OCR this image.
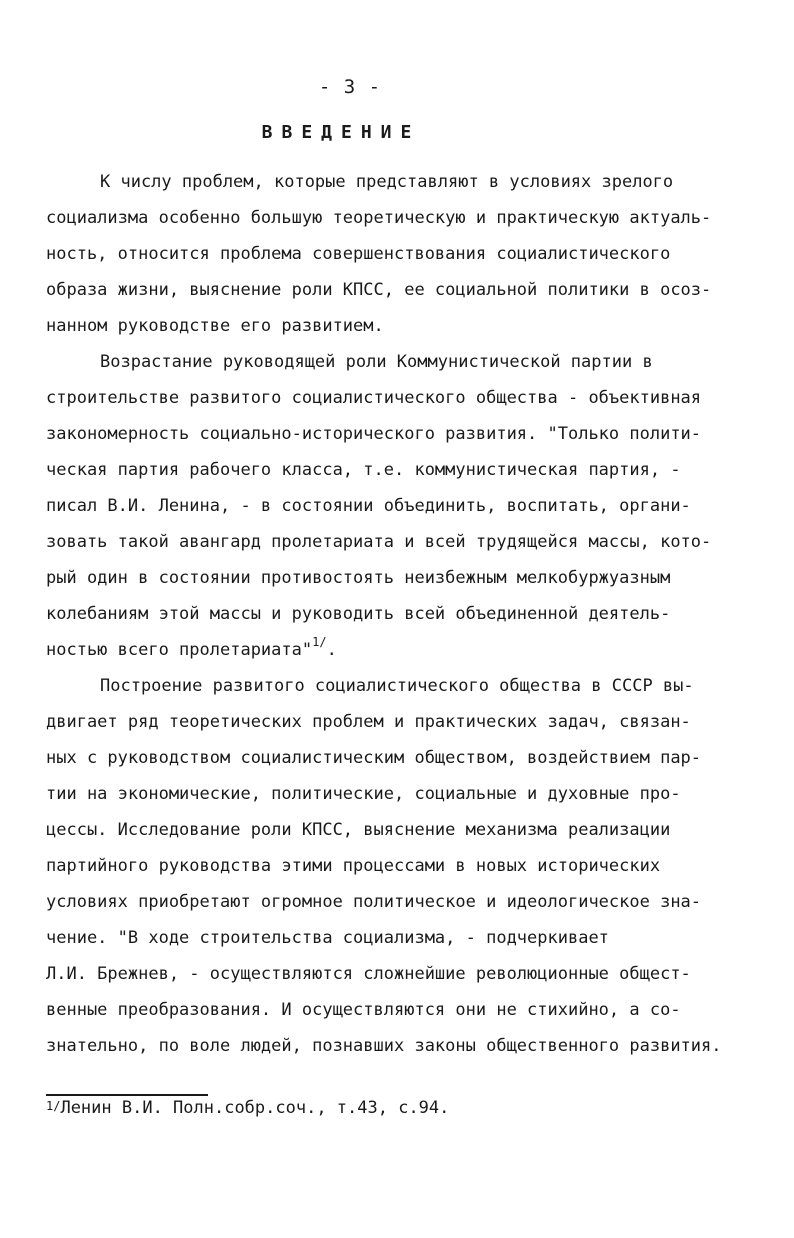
- 3 -
ВВЕДЕНИЕ
К числу проблем, которые представляют в условиях зрелого
социализма особенно большую теоретическую и практическую актуаль-
ность, относится проблема совершенствования социалистического
образа жизни, выяснение роли КПСС, ее социальной политики в осоз-
нанном руководстве его развитием.
Возрастание руководящей роли Коммунистической партии в
строительстве развитого социалистического общества - объективная
закономерность социально-исторического развития. "Только полити-
ческая партия рабочего класса, т.е. коммунистическая партия, -
писал В.И. Ленина, - в состоянии объединить, воспитать, органи-
зовать такой авангард пролетариата и всей трудящейся массы, кото-
рый один в состоянии противостоять неизбежным мелкобуржуазным
колебаниям этой массы и руководить всей объединенной деятель-
ностью всего пролетариата"$^{1/}$.
Построение развитого социалистического общества в СССР вы-
двигает ряд теоретических проблем и практических задач, связан-
ных с руководством социалистическим обществом, воздействием пар-
тии на экономические, политические, социальные и духовные про-
цессы. Исследование роли КПСС, выяснение механизма реализации
партийного руководства этими процессами в новых исторических
условиях приобретают огромное политическое и идеологическое зна-
чение. "В ходе строительства социализма, - подчеркивает
Л.И. Брежнев, - осуществляются сложнейшие революционные общест-
венные преобразования. И осуществляются они не стихийно, а со-
знательно, по воле людей, познавших законы общественного развития.
$^{1/}$Ленин В.И. Полн.собр.соч., т.43, с.94.
